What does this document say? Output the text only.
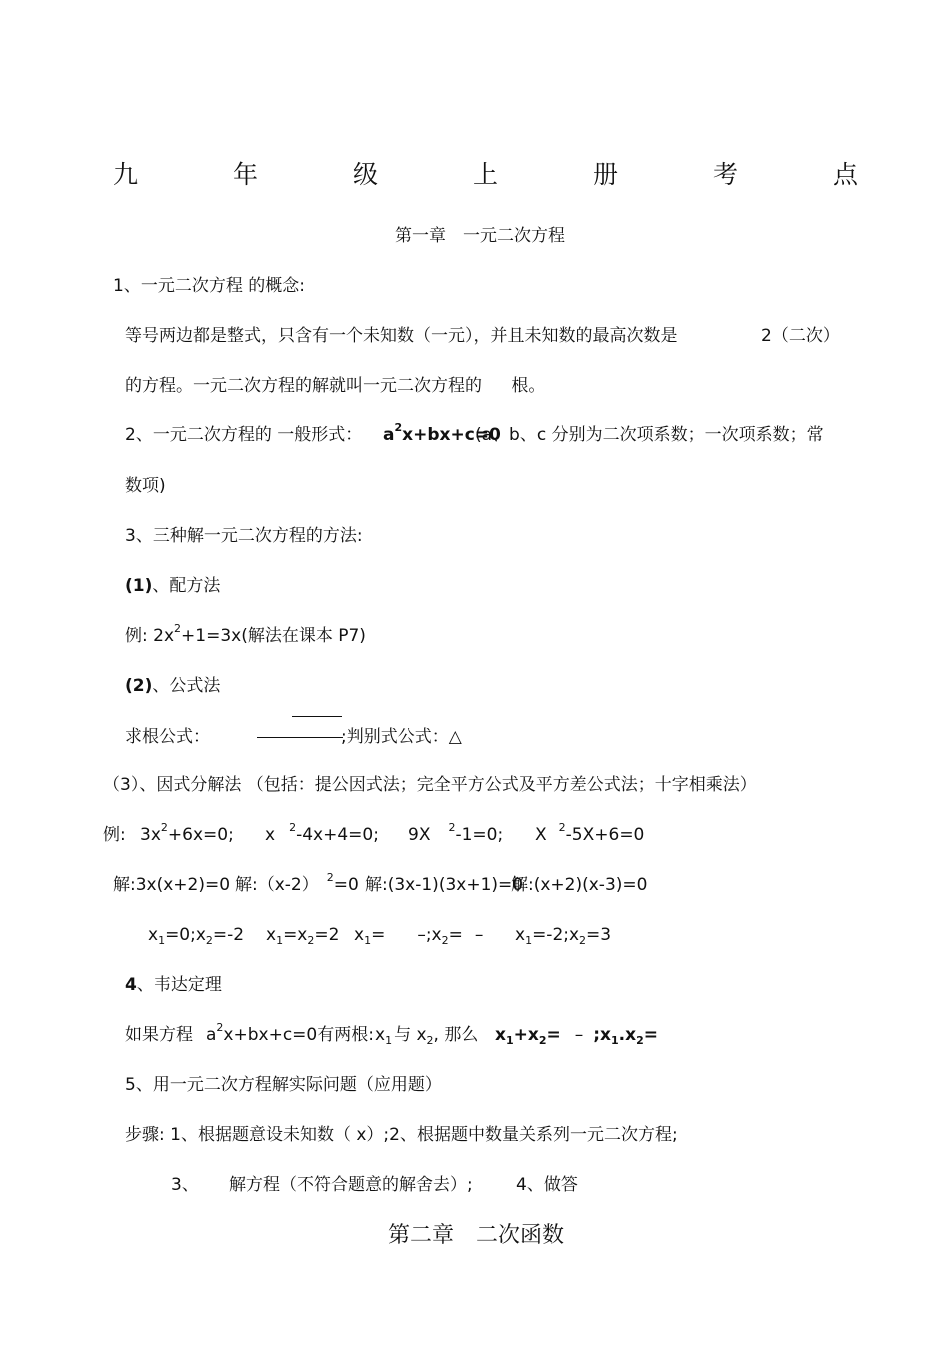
九	年	级	上	册	考	点
第一章　一元二次方程
1、一元二次方程 的概念:
等号两边都是整式，只含有一个未知数（一元），并且未知数的最高次数是	2（二次）
的方程。一元二次方程的解就叫一元二次方程的 根。
2、一元二次方程的 一般形式： $a^2x+bx+c=0$
(a、b、c 分别为二次项系数；一次项系数；常
数项)
3、三种解一元二次方程的方法:
(1)、配方法
例: $2x^2+1=3x$(解法在课本 P7)
(2)、公式法
求根公式：	;判别式公式：△
（3）、因式分解法 （包括：提公因式法；完全平方公式及平方差公式法；十字相乘法）
例: $3x^2+6x=0$; x $^2$-4x+4=0; 9X $^2$-1=0; X $^2$-5X+6=0
解:3x(x+2)=0 解:（x-2） $^2$=0 解:(3x-1)(3x+1)=0
解:(x+2)(x-3)=0
$x_1=0;x_2=-2$ $x_1=x_2=2$ $x_1=$ $-;x_2=$ – $x_1=-2;x_2=3$
4、韦达定理
如果方程 $a^2x+bx+c=0$有两根: $x_1$ 与 $x_2$, 那么 $x_1+x_2=$ – $;x_1.x_2=$
5、用一元二次方程解实际问题（应用题）
步骤: 1、根据题意设未知数（ x）;2、根据题中数量关系列一元二次方程;
3、 解方程（不符合题意的解舍去）;	4、做答
第二章　二次函数
